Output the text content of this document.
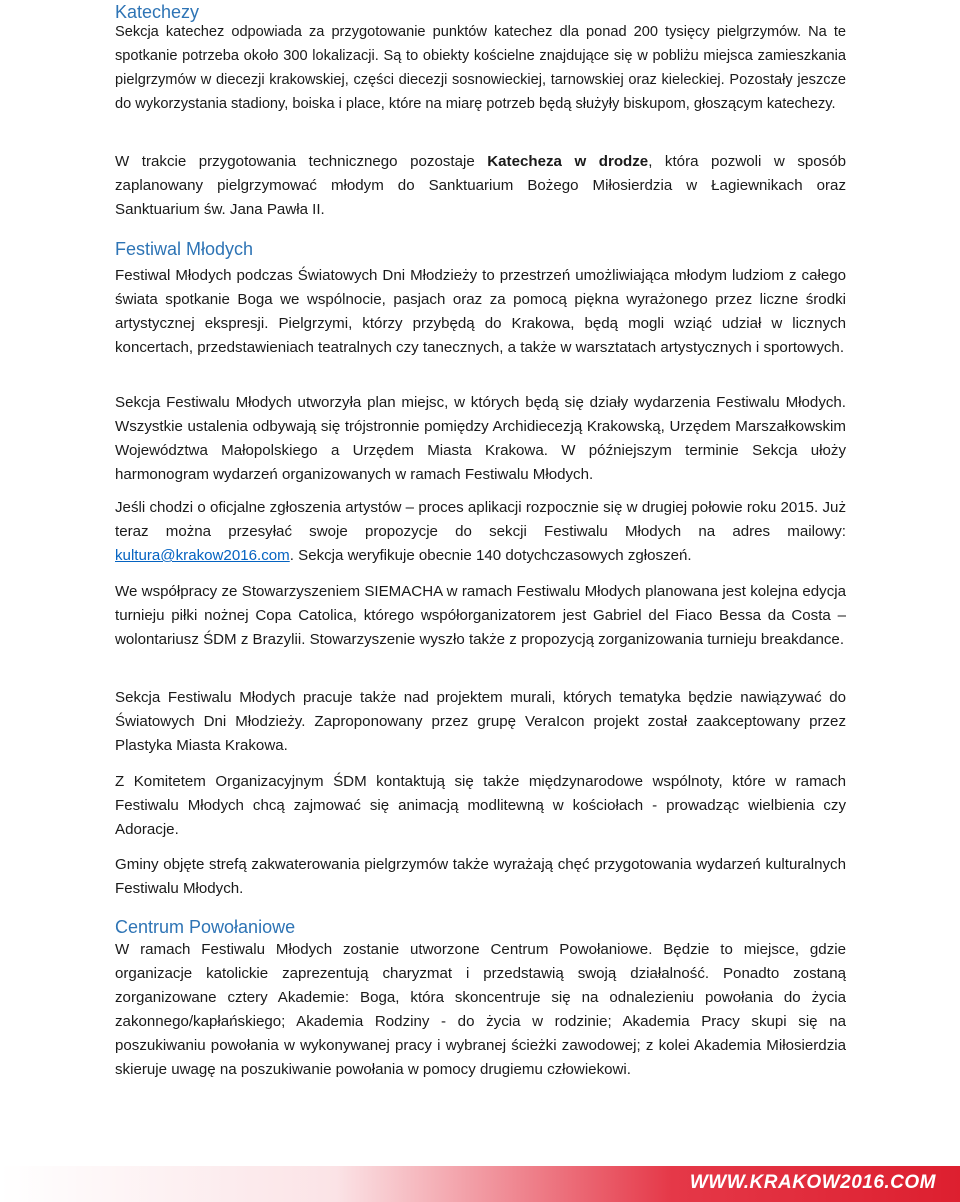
Katechezy

Sekcja katechez odpowiada za przygotowanie punktów katechez dla ponad 200 tysięcy pielgrzymów. Na te spotkanie potrzeba około 300 lokalizacji. Są to obiekty kościelne znajdujące się w pobliżu miejsca zamieszkania pielgrzymów w diecezji krakowskiej, części diecezji sosnowieckiej, tarnowskiej oraz kieleckiej. Pozostały jeszcze do wykorzystania stadiony, boiska i place, które na miarę potrzeb będą służyły biskupom, głoszącym katechezy.

W trakcie przygotowania technicznego pozostaje Katecheza w drodze, która pozwoli w sposób zaplanowany pielgrzymować młodym do Sanktuarium Bożego Miłosierdzia w Łagiewnikach oraz Sanktuarium św. Jana Pawła II.

Festiwal Młodych

Festiwal Młodych podczas Światowych Dni Młodzieży to przestrzeń umożliwiająca młodym ludziom z całego świata spotkanie Boga we wspólnocie, pasjach oraz za pomocą piękna wyrażonego przez liczne środki artystycznej ekspresji. Pielgrzymi, którzy przybędą do Krakowa, będą mogli wziąć udział w licznych koncertach, przedstawieniach teatralnych czy tanecznych, a także w warsztatach artystycznych i sportowych.

Sekcja Festiwalu Młodych utworzyła plan miejsc, w których będą się działy wydarzenia Festiwalu Młodych. Wszystkie ustalenia odbywają się trójstronnie pomiędzy Archidiecezją Krakowską, Urzędem Marszałkowskim Województwa Małopolskiego a Urzędem Miasta Krakowa. W późniejszym terminie Sekcja ułoży harmonogram wydarzeń organizowanych w ramach Festiwalu Młodych.

Jeśli chodzi o oficjalne zgłoszenia artystów – proces aplikacji rozpocznie się w drugiej połowie roku 2015. Już teraz można przesyłać swoje propozycje do sekcji Festiwalu Młodych na adres mailowy: kultura@krakow2016.com. Sekcja weryfikuje obecnie 140 dotychczasowych zgłoszeń.

We współpracy ze Stowarzyszeniem SIEMACHA w ramach Festiwalu Młodych planowana jest kolejna edycja turnieju piłki nożnej Copa Catolica, którego współorganizatorem jest Gabriel del Fiaco Bessa da Costa – wolontariusz ŚDM z Brazylii. Stowarzyszenie wyszło także z propozycją zorganizowania turnieju breakdance.

Sekcja Festiwalu Młodych pracuje także nad projektem murali, których tematyka będzie nawiązywać do Światowych Dni Młodzieży. Zaproponowany przez grupę VeraIcon projekt został zaakceptowany przez Plastyka Miasta Krakowa.

Z Komitetem Organizacyjnym ŚDM kontaktują się także międzynarodowe wspólnoty, które w ramach Festiwalu Młodych chcą zajmować się animacją modlitewną w kościołach - prowadząc wielbienia czy Adoracje.

Gminy objęte strefą zakwaterowania pielgrzymów także wyrażają chęć przygotowania wydarzeń kulturalnych Festiwalu Młodych.

Centrum Powołaniowe

W ramach Festiwalu Młodych zostanie utworzone Centrum Powołaniowe. Będzie to miejsce, gdzie organizacje katolickie zaprezentują charyzmat i przedstawią swoją działalność. Ponadto zostaną zorganizowane cztery Akademie: Boga, która skoncentruje się na odnalezieniu powołania do życia zakonnego/kapłańskiego; Akademia Rodziny - do życia w rodzinie; Akademia Pracy skupi się na poszukiwaniu powołania w wykonywanej pracy i wybranej ścieżki zawodowej; z kolei Akademia Miłosierdzia skieruje uwagę na poszukiwanie powołania w pomocy drugiemu człowiekowi.

WWW.KRAKOW2016.COM
